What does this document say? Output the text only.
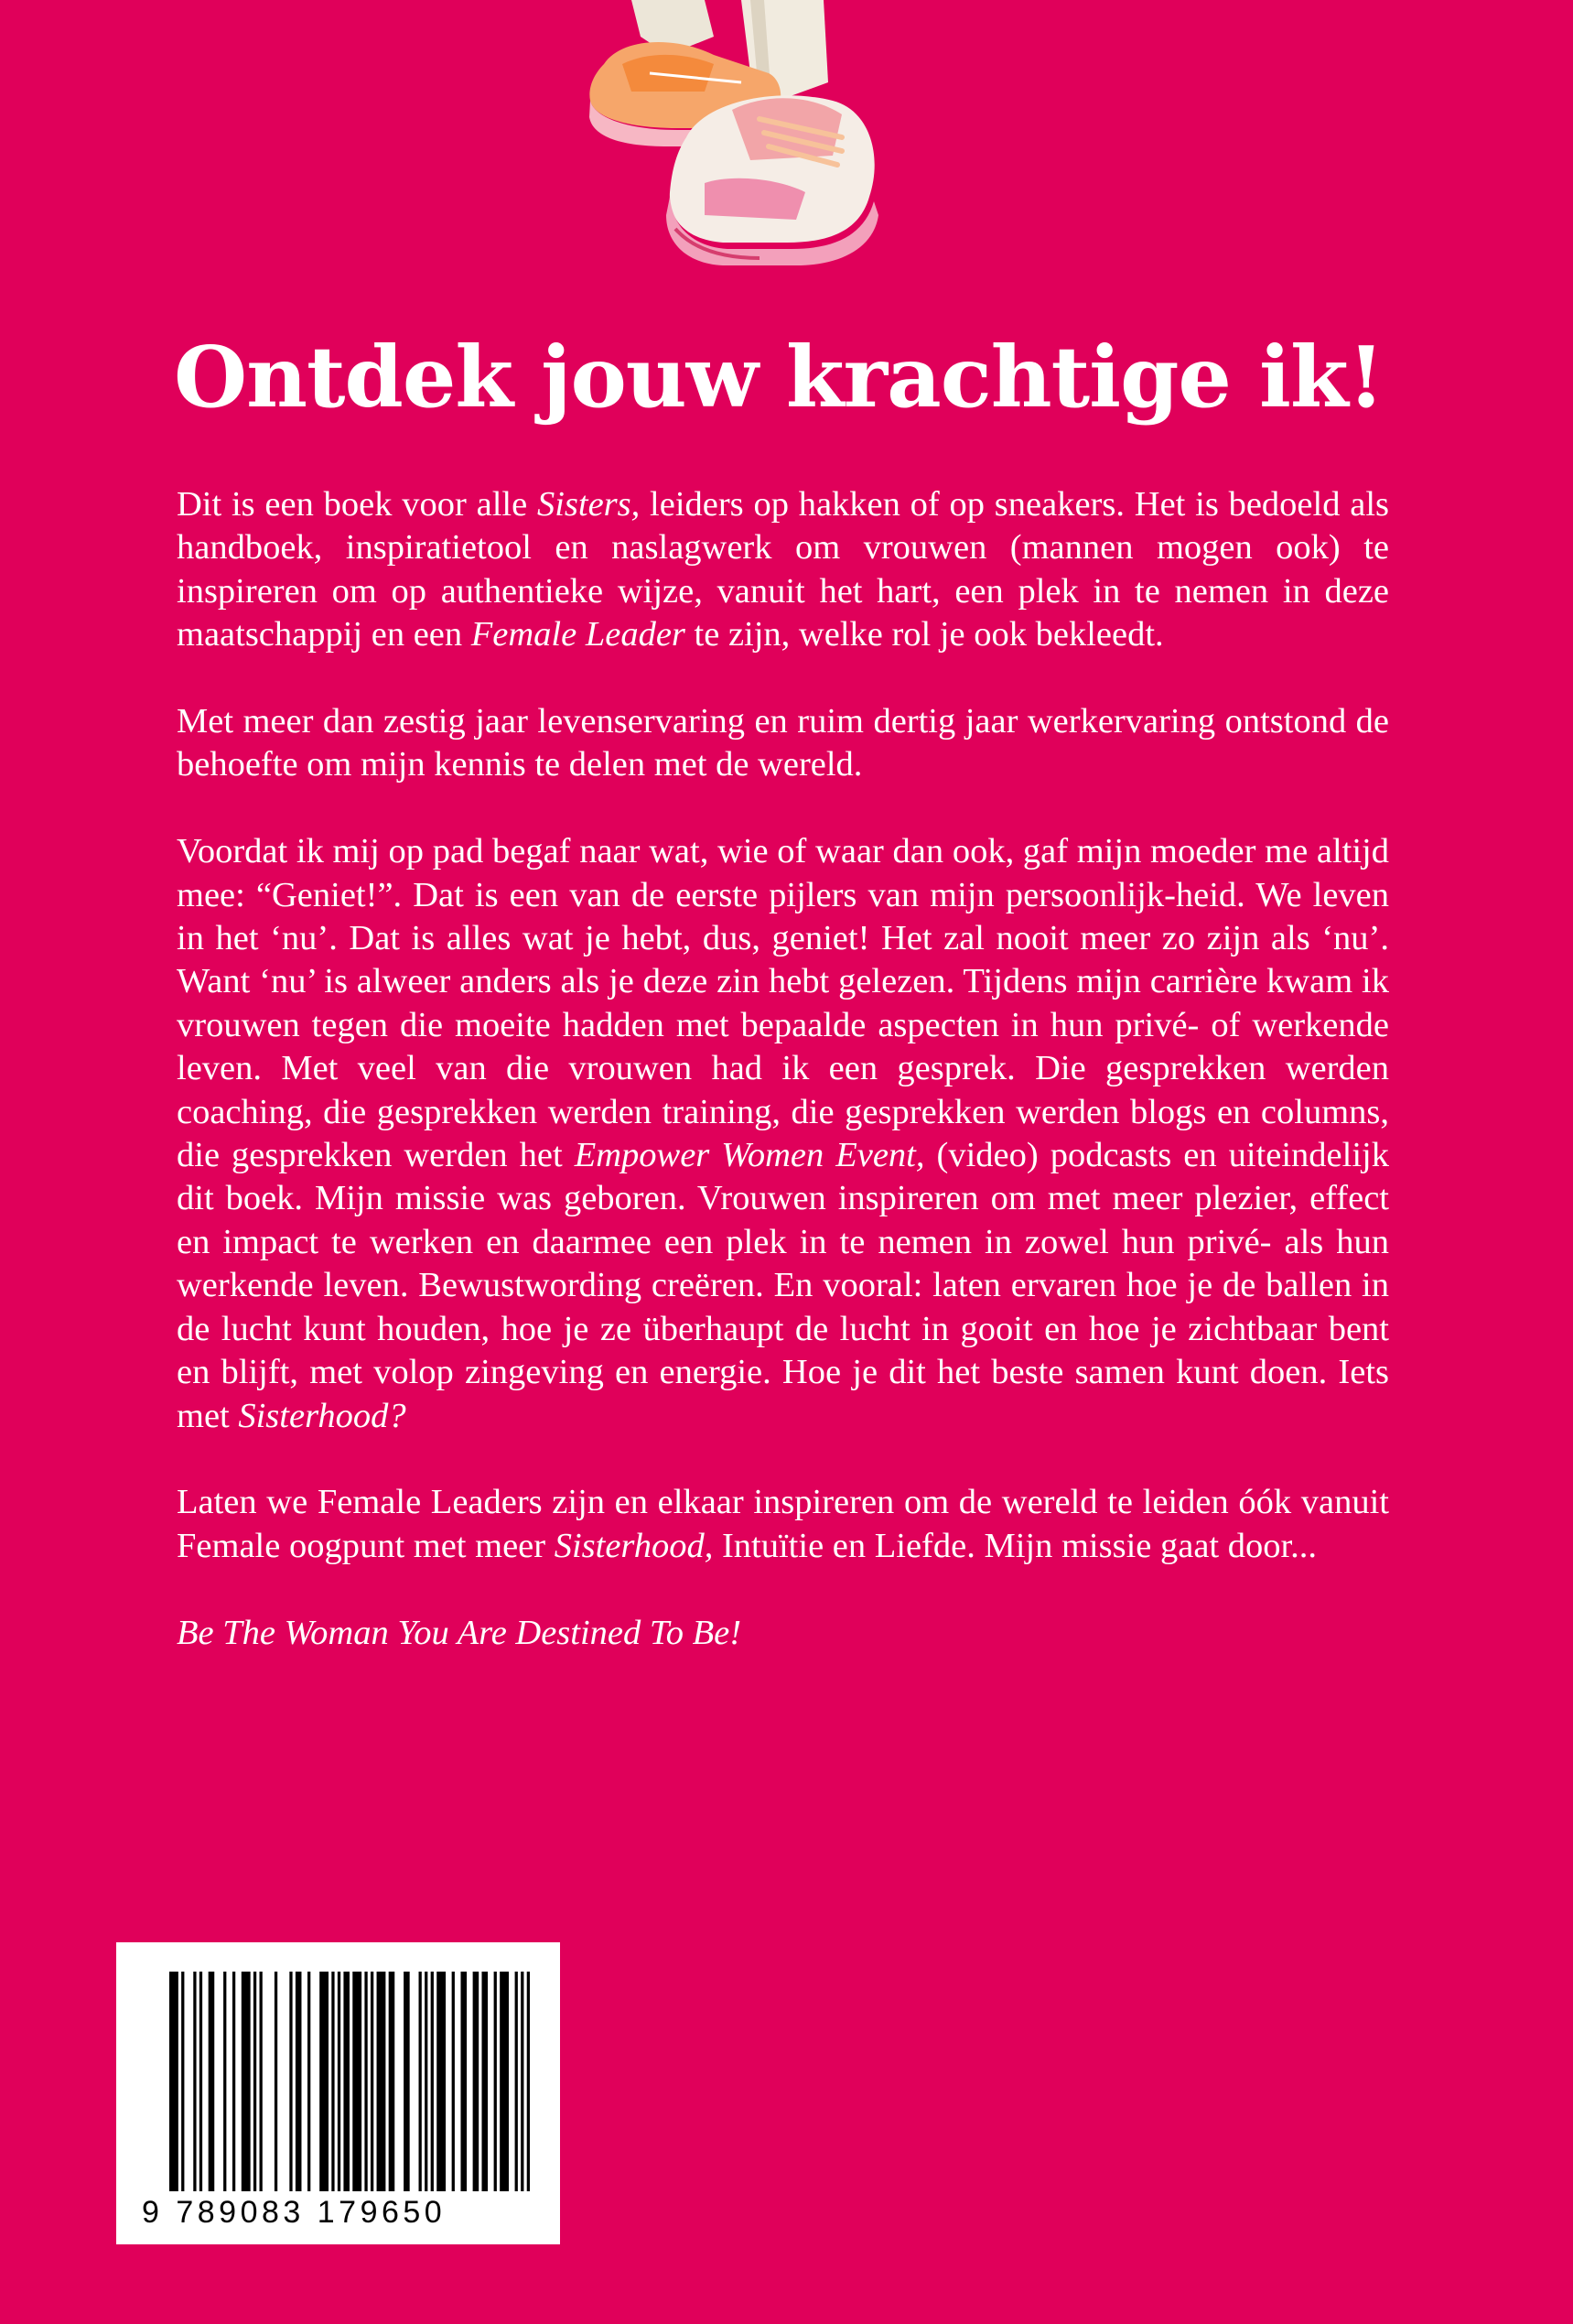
Ontdek jouw krachtige ik!

Dit is een boek voor alle Sisters, leiders op hakken of op sneakers. Het is bedoeld als handboek, inspiratietool en naslagwerk om vrouwen (mannen mogen ook) te inspireren om op authentieke wijze, vanuit het hart, een plek in te nemen in deze maatschappij en een Female Leader te zijn, welke rol je ook bekleedt.

Met meer dan zestig jaar levenservaring en ruim dertig jaar werkervaring ontstond de behoefte om mijn kennis te delen met de wereld.

Voordat ik mij op pad begaf naar wat, wie of waar dan ook, gaf mijn moeder me altijd mee: “Geniet!”. Dat is een van de eerste pijlers van mijn persoonlijk-heid. We leven in het ‘nu’. Dat is alles wat je hebt, dus, geniet! Het zal nooit meer zo zijn als ‘nu’. Want ‘nu’ is alweer anders als je deze zin hebt gelezen. Tijdens mijn carrière kwam ik vrouwen tegen die moeite hadden met bepaalde aspecten in hun privé- of werkende leven. Met veel van die vrouwen had ik een gesprek. Die gesprekken werden coaching, die gesprekken werden training, die gesprekken werden blogs en columns, die gesprekken werden het Empower Women Event, (video) podcasts en uiteindelijk dit boek. Mijn missie was geboren. Vrouwen inspireren om met meer plezier, effect en impact te werken en daarmee een plek in te nemen in zowel hun privé- als hun werkende leven. Bewustwording creëren. En vooral: laten ervaren hoe je de ballen in de lucht kunt houden, hoe je ze überhaupt de lucht in gooit en hoe je zichtbaar bent en blijft, met volop zingeving en energie. Hoe je dit het beste samen kunt doen. Iets met Sisterhood?

Laten we Female Leaders zijn en elkaar inspireren om de wereld te leiden óók vanuit Female oogpunt met meer Sisterhood, Intuïtie en Liefde. Mijn missie gaat door...

Be The Woman You Are Destined To Be!

9 789083 179650
